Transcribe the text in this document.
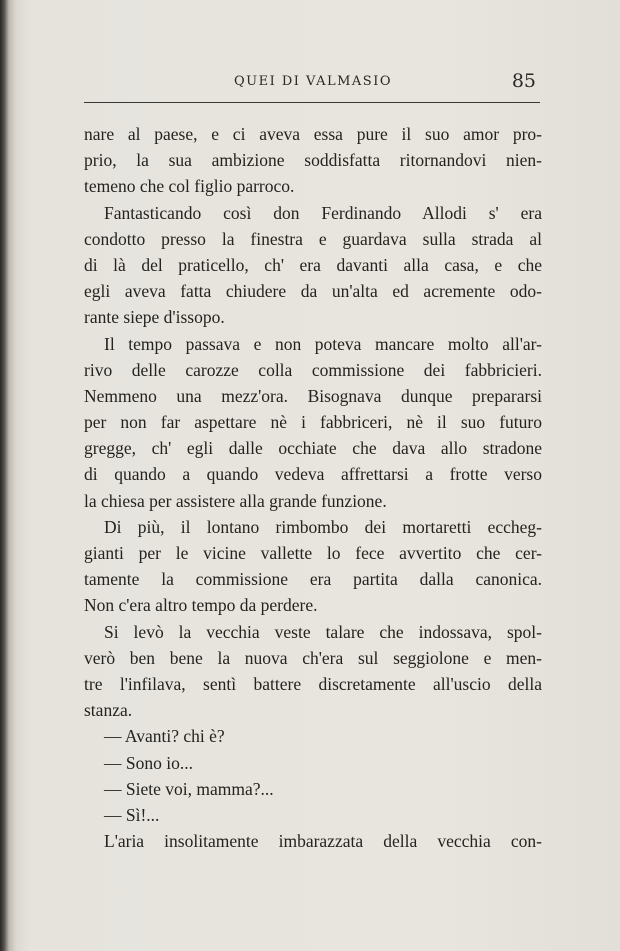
QUEI DI VALMASIO	85
nare al paese, e ci aveva essa pure il suo amor pro-
prio, la sua ambizione soddisfatta ritornandovi nien-
temeno che col figlio parroco.
Fantasticando così don Ferdinando Allodi s' era
condotto presso la finestra e guardava sulla strada al
di là del praticello, ch' era davanti alla casa, e che
egli aveva fatta chiudere da un'alta ed acremente odo-
rante siepe d'issopo.
Il tempo passava e non poteva mancare molto all'ar-
rivo delle carozze colla commissione dei fabbricieri.
Nemmeno una mezz'ora. Bisognava dunque prepararsi
per non far aspettare nè i fabbriceri, nè il suo futuro
gregge, ch' egli dalle occhiate che dava allo stradone
di quando a quando vedeva affrettarsi a frotte verso
la chiesa per assistere alla grande funzione.
Di più, il lontano rimbombo dei mortaretti eccheg-
gianti per le vicine vallette lo fece avvertito che cer-
tamente la commissione era partita dalla canonica.
Non c'era altro tempo da perdere.
Si levò la vecchia veste talare che indossava, spol-
verò ben bene la nuova ch'era sul seggiolone e men-
tre l'infilava, sentì battere discretamente all'uscio della
stanza.
— Avanti? chi è?
— Sono io...
— Siete voi, mamma?...
— Sì!...
L'aria insolitamente imbarazzata della vecchia con-
